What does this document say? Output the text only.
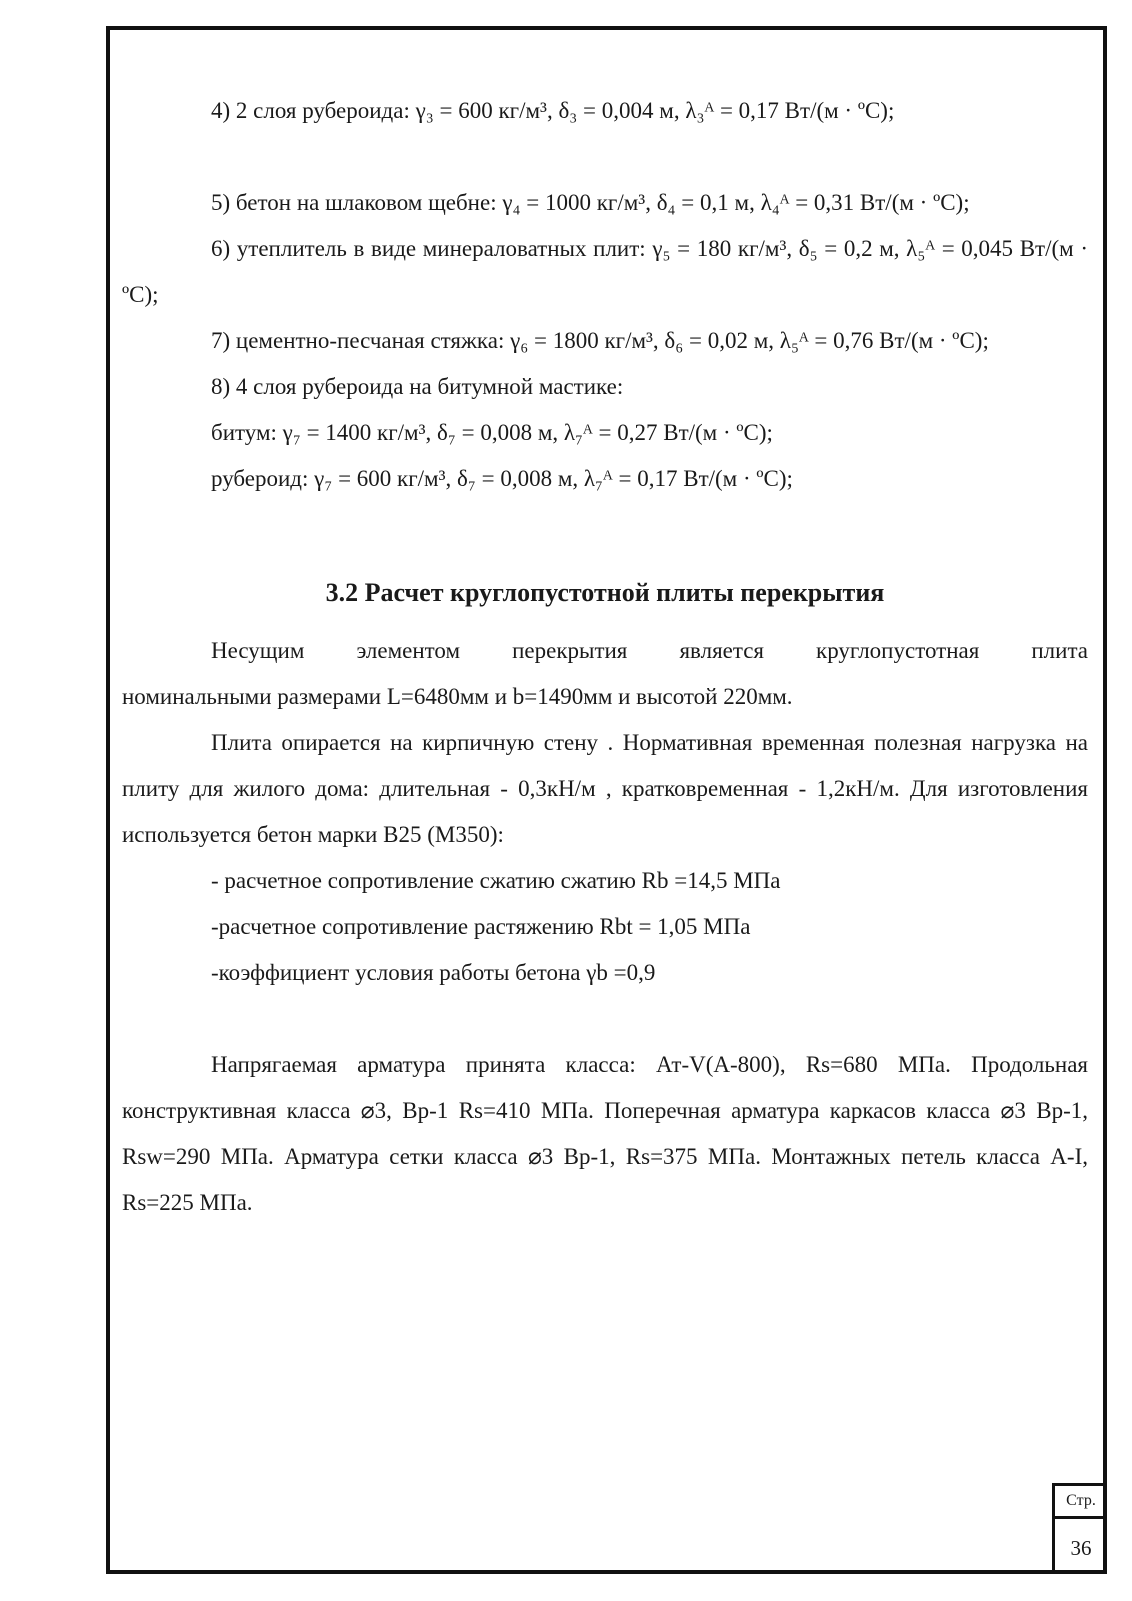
4) 2 слоя рубероида: γ₃ = 600 кг/м³, δ₃ = 0,004 м, λ₃ᴬ = 0,17 Вт/(м · ºС);

5) бетон на шлаковом щебне: γ₄ = 1000 кг/м³, δ₄ = 0,1 м, λ₄ᴬ = 0,31 Вт/(м · ºС);

6) утеплитель в виде минераловатных плит: γ₅ = 180 кг/м³, δ₅ = 0,2 м, λ₅ᴬ = 0,045 Вт/(м · ºС);

7) цементно-песчаная стяжка: γ₆ = 1800 кг/м³, δ₆ = 0,02 м, λ₅ᴬ = 0,76 Вт/(м · ºС);

8) 4 слоя рубероида на битумной мастике:

битум: γ₇ = 1400 кг/м³, δ₇ = 0,008 м, λ₇ᴬ = 0,27 Вт/(м · ºС);

рубероид: γ₇ = 600 кг/м³, δ₇ = 0,008 м, λ₇ᴬ = 0,17 Вт/(м · ºС);

3.2 Расчет круглопустотной плиты перекрытия

Несущим элементом перекрытия является круглопустотная плита

номинальными размерами L=6480мм и b=1490мм и высотой 220мм.

Плита опирается на кирпичную стену . Нормативная временная полезная нагрузка на плиту для жилого дома: длительная - 0,3кН/м , кратковременная - 1,2кН/м. Для изготовления используется бетон марки В25 (М350):

- расчетное сопротивление сжатию сжатию Rb =14,5 МПа

-расчетное сопротивление растяжению Rbt = 1,05 МПа

-коэффициент условия работы бетона γb =0,9

Напрягаемая арматура принята класса: Ат-V(А-800), Rs=680 МПа. Продольная конструктивная класса ⌀3, Вр-1 Rs=410 МПа. Поперечная арматура каркасов класса ⌀3 Вр-1, Rsw=290 МПа. Арматура сетки класса ⌀3 Вр-1, Rs=375 МПа. Монтажных петель класса А-I, Rs=225 МПа.

Стр.
36
